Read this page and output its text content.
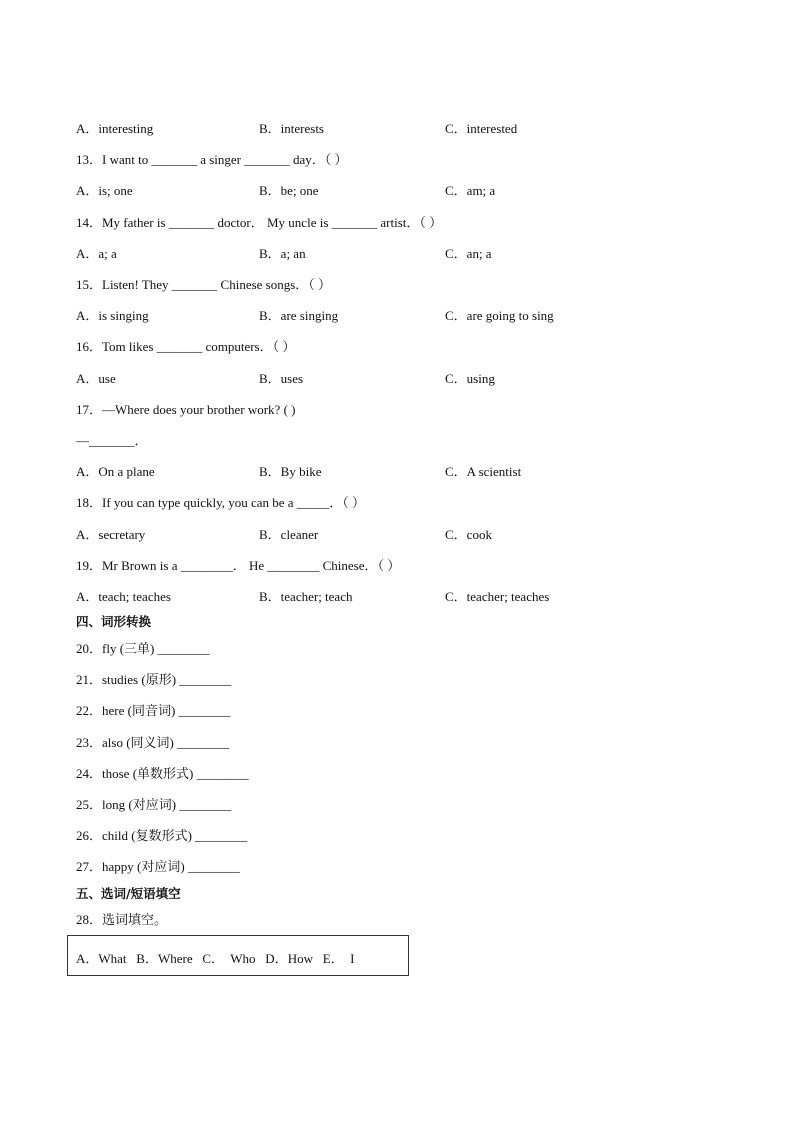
A．interesting	B．interests	C．interested
13．I want to _______ a singer _______ day．（ ）
A．is; one	B．be; one	C．am; a
14．My father is _______ doctor． My uncle is _______ artist．（ ）
A．a; a	B．a; an	C．an; a
15．Listen! They _______ Chinese songs．（ ）
A．is singing	B．are singing	C．are going to sing
16．Tom likes _______ computers．（ ）
A．use	B．uses	C．using
17．—Where does your brother work? ( )
—_______．
A．On a plane	B．By bike	C．A scientist
18．If you can type quickly, you can be a _____．（ ）
A．secretary	B．cleaner	C．cook
19．Mr Brown is a ________． He ________ Chinese．（ ）
A．teach; teaches	B．teacher; teach	C．teacher; teaches
四、词形转换
20．fly (三单) ________
21．studies (原形) ________
22．here (同音词) ________
23．also (同义词) ________
24．those (单数形式) ________
25．long (对应词) ________
26．child (复数形式) ________
27．happy (对应词) ________
五、选词/短语填空
28．选词填空。
A．What   B．Where   C．  Who   D．How   E．  I
